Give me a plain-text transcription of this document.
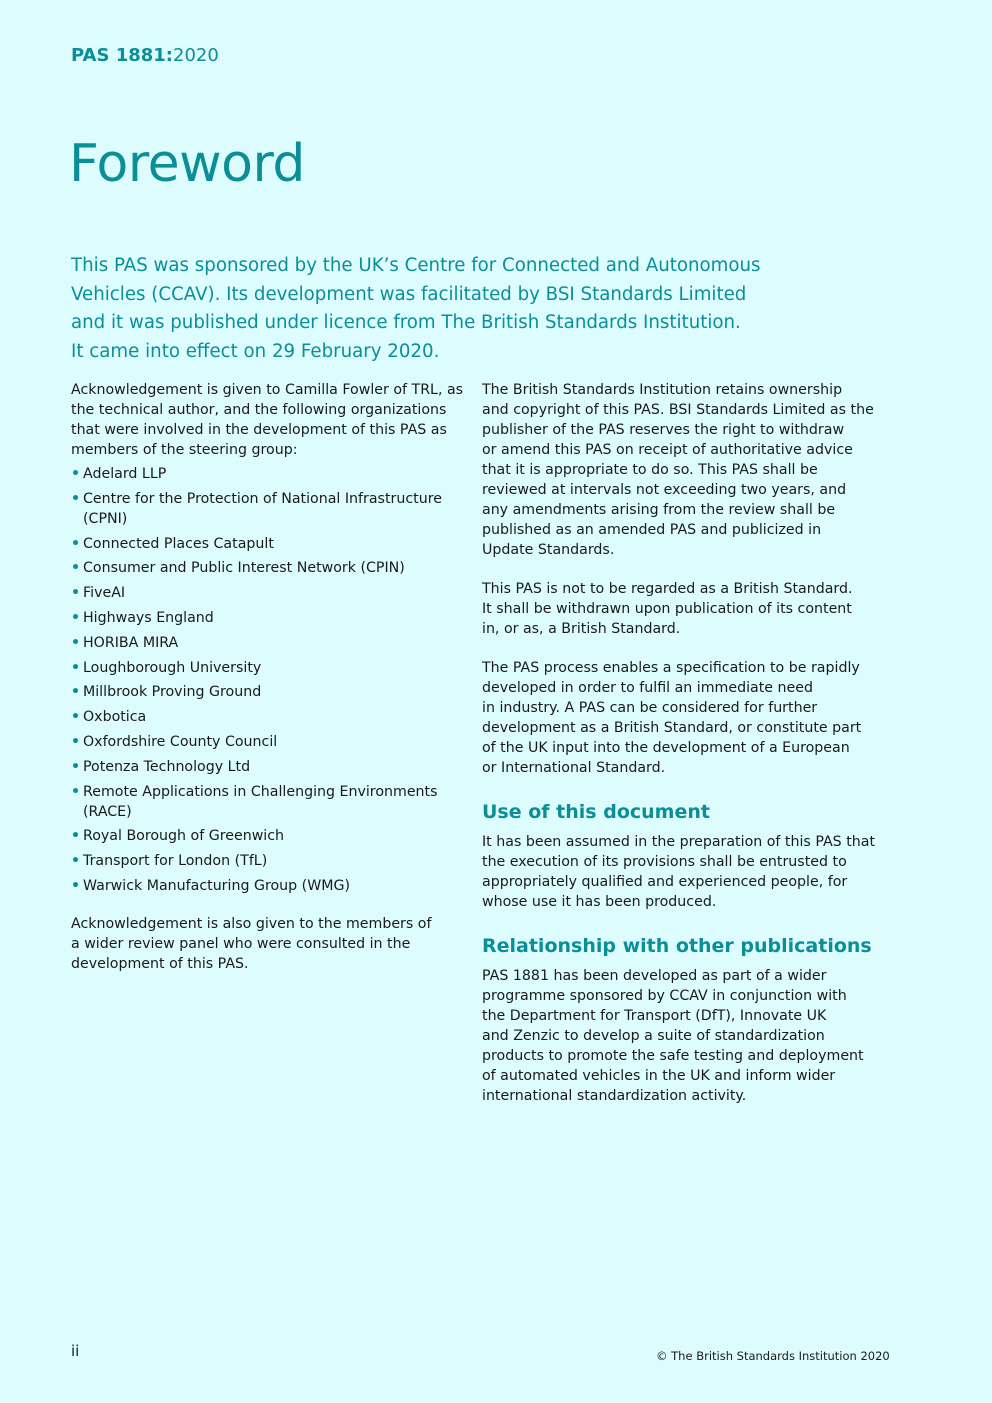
PAS 1881:2020
Foreword
This PAS was sponsored by the UK’s Centre for Connected and Autonomous
Vehicles (CCAV). Its development was facilitated by BSI Standards Limited
and it was published under licence from The British Standards Institution.
It came into effect on 29 February 2020.
Acknowledgement is given to Camilla Fowler of TRL, as
the technical author, and the following organizations
that were involved in the development of this PAS as
members of the steering group:
• Adelard LLP
• Centre for the Protection of National Infrastructure
(CPNI)
• Connected Places Catapult
• Consumer and Public Interest Network (CPIN)
• FiveAI
• Highways England
• HORIBA MIRA
• Loughborough University
• Millbrook Proving Ground
• Oxbotica
• Oxfordshire County Council
• Potenza Technology Ltd
• Remote Applications in Challenging Environments
(RACE)
• Royal Borough of Greenwich
• Transport for London (TfL)
• Warwick Manufacturing Group (WMG)
Acknowledgement is also given to the members of
a wider review panel who were consulted in the
development of this PAS.
The British Standards Institution retains ownership
and copyright of this PAS. BSI Standards Limited as the
publisher of the PAS reserves the right to withdraw
or amend this PAS on receipt of authoritative advice
that it is appropriate to do so. This PAS shall be
reviewed at intervals not exceeding two years, and
any amendments arising from the review shall be
published as an amended PAS and publicized in
Update Standards.
This PAS is not to be regarded as a British Standard.
It shall be withdrawn upon publication of its content
in, or as, a British Standard.
The PAS process enables a specification to be rapidly
developed in order to fulfil an immediate need
in industry. A PAS can be considered for further
development as a British Standard, or constitute part
of the UK input into the development of a European
or International Standard.
Use of this document
It has been assumed in the preparation of this PAS that
the execution of its provisions shall be entrusted to
appropriately qualified and experienced people, for
whose use it has been produced.
Relationship with other publications
PAS 1881 has been developed as part of a wider
programme sponsored by CCAV in conjunction with
the Department for Transport (DfT), Innovate UK
and Zenzic to develop a suite of standardization
products to promote the safe testing and deployment
of automated vehicles in the UK and inform wider
international standardization activity.
ii	© The British Standards Institution 2020
